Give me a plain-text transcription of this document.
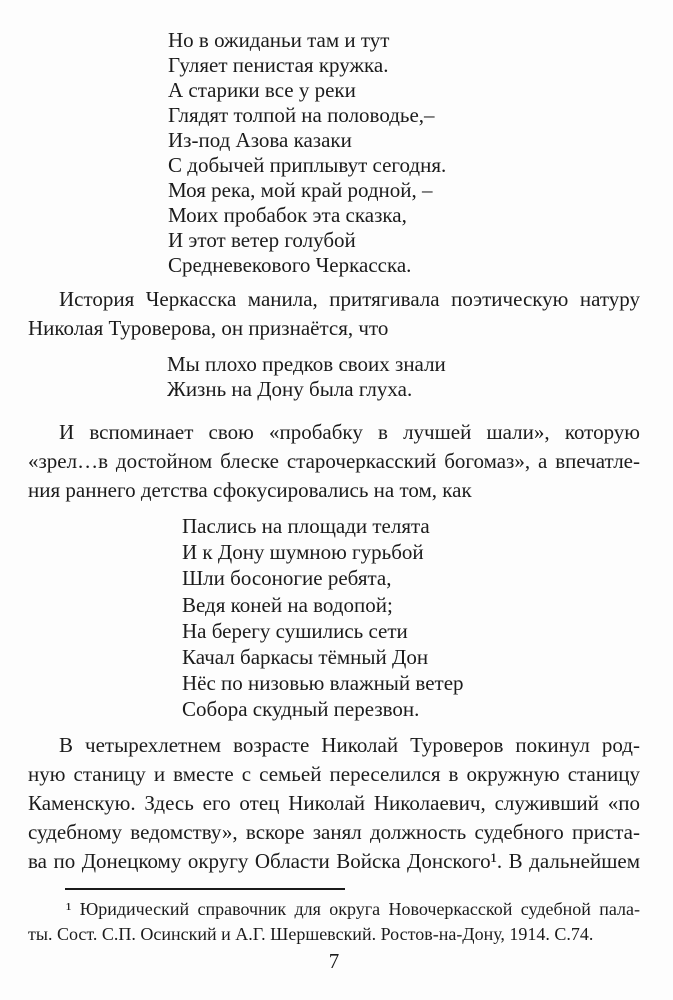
Но в ожиданьи там и тут
Гуляет пенистая кружка.
А старики все у реки
Глядят толпой на половодье,–
Из-под Азова казаки
С добычей приплывут сегодня.
Моя река, мой край родной, –
Моих пробабок эта сказка,
И этот ветер голубой
Средневекового Черкасска.
История Черкасска манила, притягивала поэтическую натуру
Николая Туроверова, он признаётся, что
Мы плохо предков своих знали
Жизнь на Дону была глуха.
И вспоминает свою «пробабку в лучшей шали», которую
«зрел…в достойном блеске старочеркасский богомаз», а впечатле-
ния раннего детства сфокусировались на том, как
Паслись на площади телята
И к Дону шумною гурьбой
Шли босоногие ребята,
Ведя коней на водопой;
На берегу сушились сети
Качал баркасы тёмный Дон
Нёс по низовью влажный ветер
Собора скудный перезвон.
В четырехлетнем возрасте Николай Туроверов покинул род-
ную станицу и вместе с семьей переселился в окружную станицу
Каменскую. Здесь его отец Николай Николаевич, служивший «по
судебному ведомству», вскоре занял должность судебного приста-
ва по Донецкому округу Области Войска Донского¹. В дальнейшем
¹ Юридический справочник для округа Новочеркасской судебной пала-
ты. Сост. С.П. Осинский и А.Г. Шершевский. Ростов-на-Дону, 1914. С.74.
7
